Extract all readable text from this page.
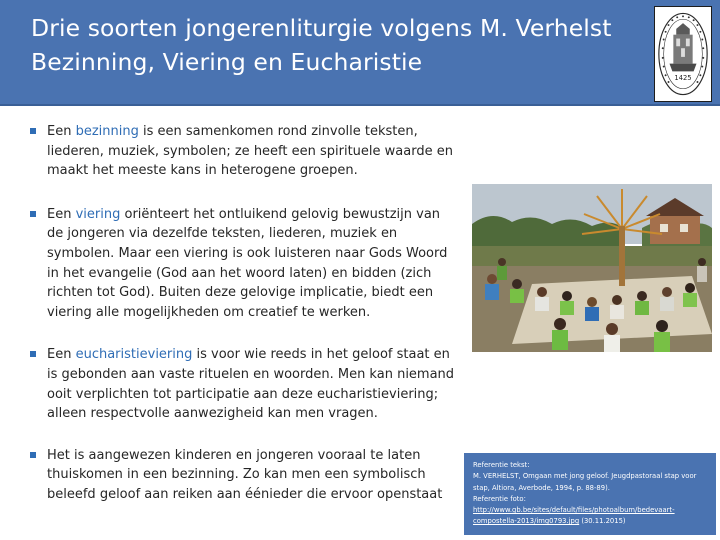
Drie soorten jongerenliturgie volgens M. Verhelst
Bezinning, Viering en Eucharistie
1425
Een bezinning is een samenkomen rond zinvolle teksten, liederen, muziek, symbolen; ze heeft een spirituele waarde en maakt het meeste kans in heterogene groepen.
Een viering oriënteert het ontluikend gelovig bewustzijn van de jongeren via dezelfde teksten, liederen, muziek en symbolen. Maar een viering is ook luisteren naar Gods Woord in het evangelie (God aan het woord laten) en bidden (zich richten tot God). Buiten deze gelovige implicatie, biedt een viering alle mogelijkheden om creatief te werken.
Een eucharistieviering is voor wie reeds in het geloof staat en is gebonden aan vaste rituelen en woorden. Men kan niemand ooit verplichten tot participatie aan deze eucharistieviering; alleen respectvolle aanwezigheid kan men vragen.
Het is aangewezen kinderen en jongeren vooraal te laten thuiskomen in een bezinning. Zo kan men een symbolisch beleefd geloof aan reiken aan éénieder die ervoor openstaat
Referentie tekst:
M. VERHELST, Omgaan met jong geloof. Jeugdpastoraal stap voor stap, Altiora, Averbode, 1994, p. 88-89).
Referentie foto:
http://www.gb.be/sites/default/files/photoalbum/bedevaart-compostella-2013/img0793.jpg (30.11.2015)
